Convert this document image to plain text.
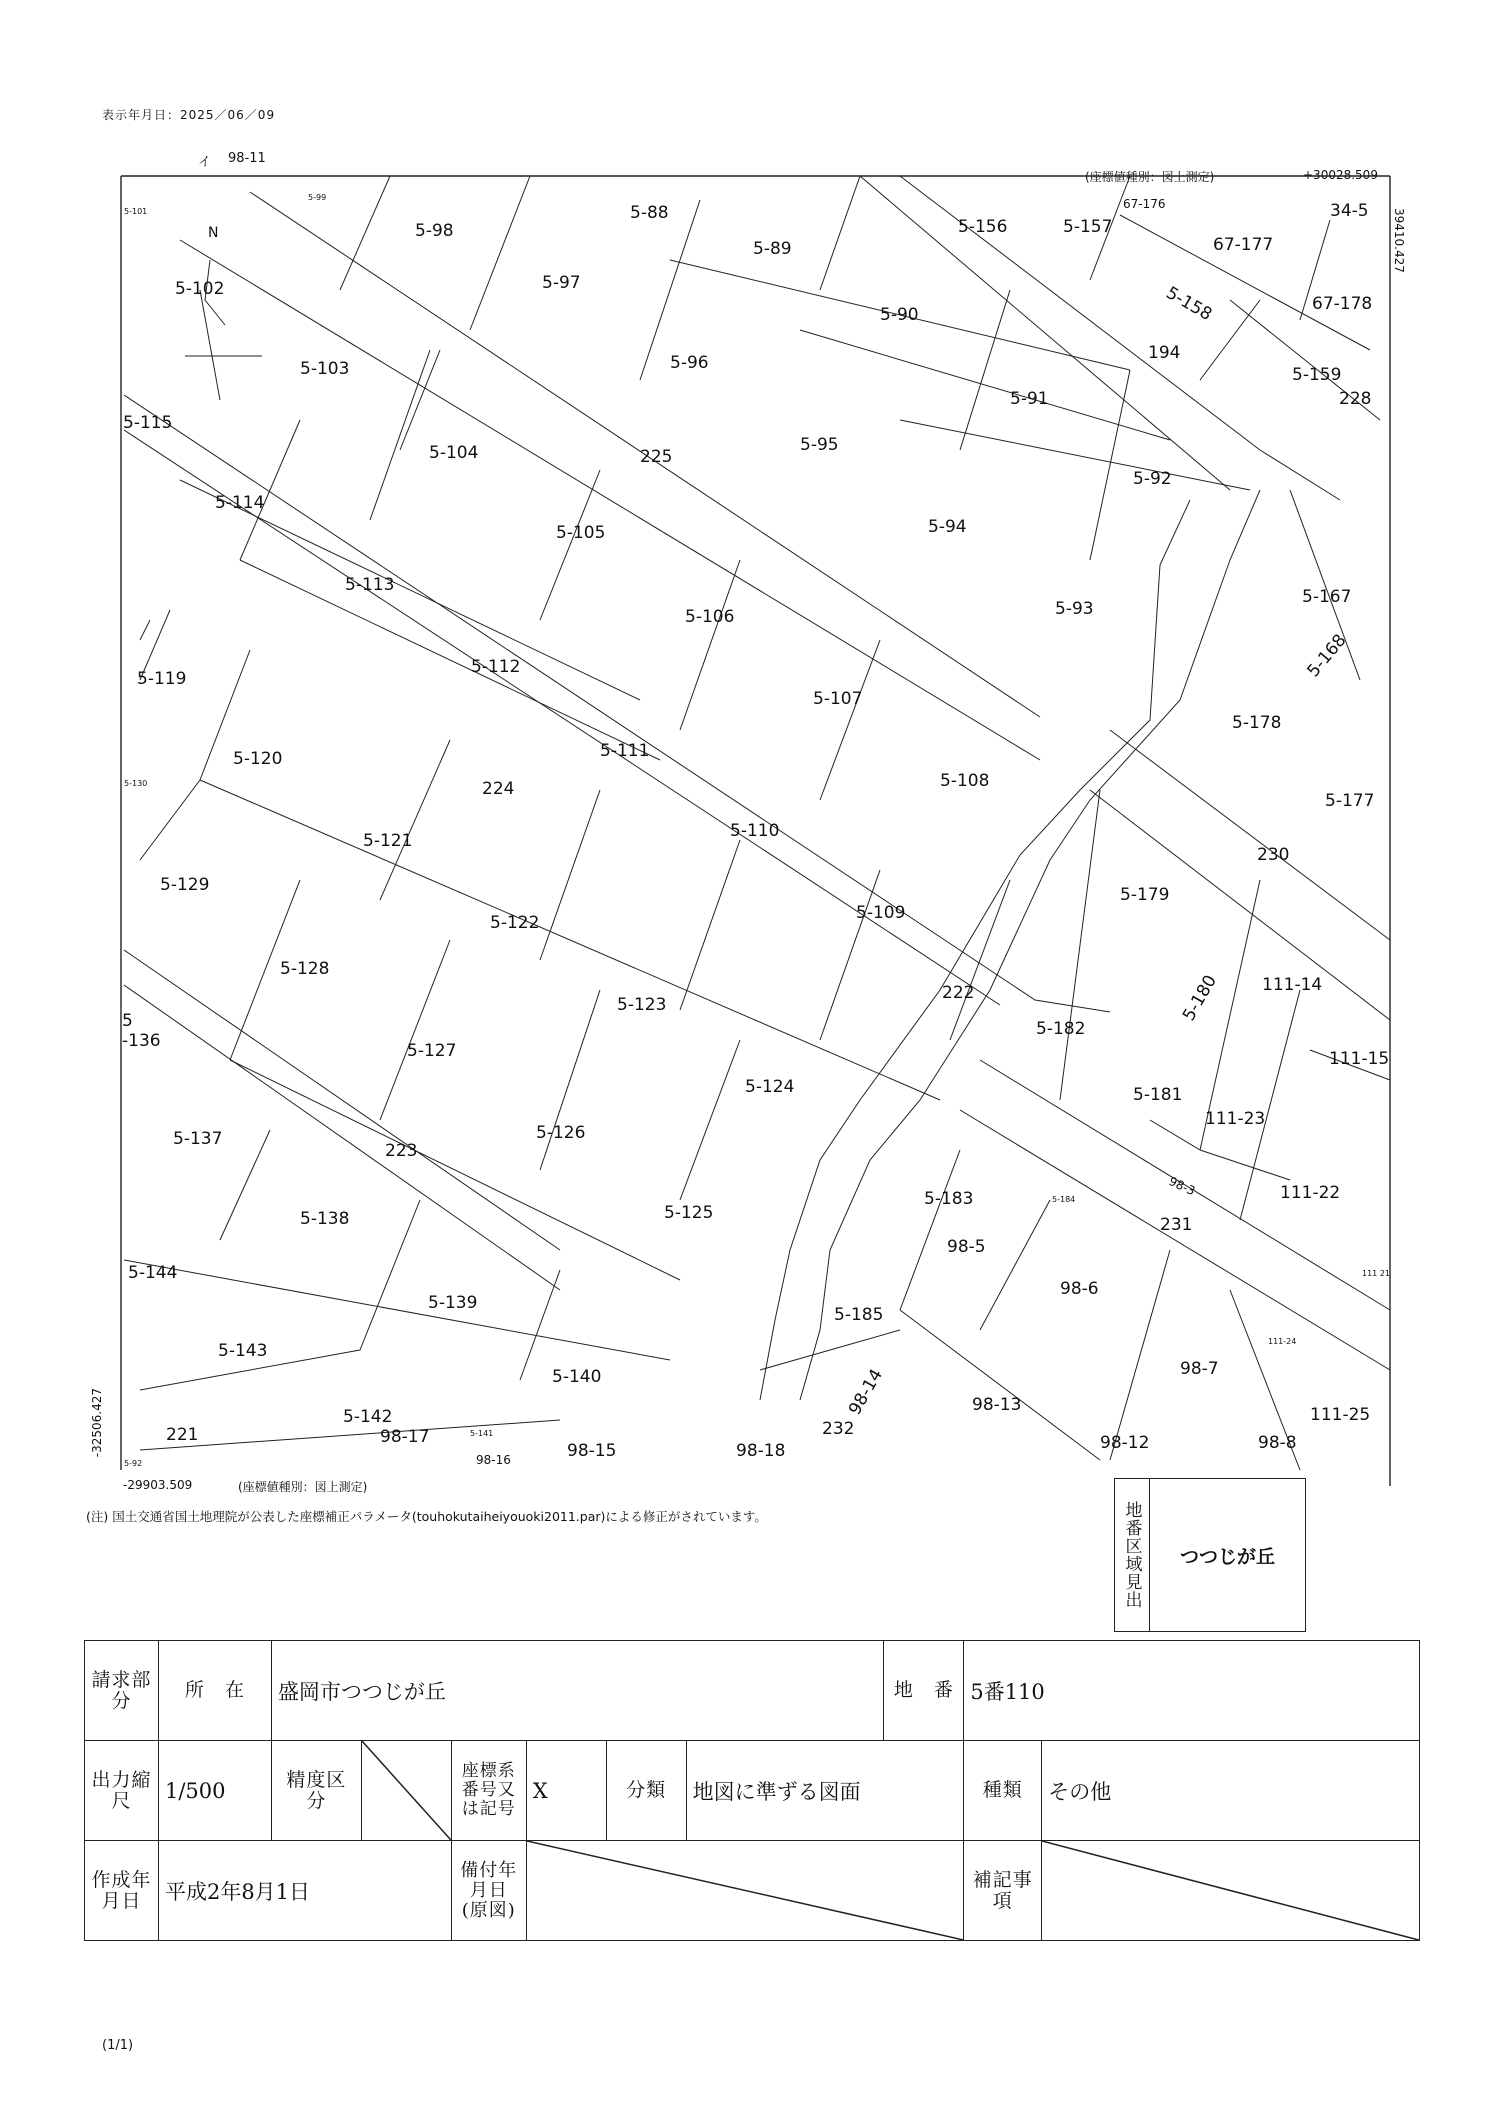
表示年月日：2025／06／09
イ 98-11
(座標値種別：図上測定)	+30028.509
39410.427
-32506.427
-29903.509	(座標値種別：図上測定)
N
5-101
5-99
5-98
5-88
5-89
5-156	5-157
67-176	34-5
67-177
67-178
5-158
5-159
5-97
5-90
5-102
5-103	5-96
5-91
5-115
5-104	5-95
5-92
5-114
5-105	5-94
5-167
5-113
5-106	5-93
5-168
5-119
5-112
5-107
5-178
5-120	5-111
5-108
5-177
5-130
5-121	5-110
5-129	5-179
5-122	5-109
5-128
5-180 111-14
5-123
5-182
5
-136
111-15
5-127
5-124	5-181
5-137	5-126
111-23
98-3
5-183	111-22
5-138	5-125
5-184
98-5
5-144
98-6
111 21
5-139
5-185
5-143	111-24
98-7
5-140	98-14	98-13	111-25
5-142
98-17	5-141	232
221
98-16	98-15	98-18	98-12	98-8
5-92
194
228
225
224
230
222
223
231
(注) 国土交通省国土地理院が公表した座標補正パラメータ(touhokutaiheiyouoki2011.par)による修正がされています。	地番区域見出	つつじが丘
請求部分	所　在	盛岡市つつじが丘						地　番	5番110	
出力縮尺	1/500	精度区分		座標系番号又は記号	X	分類	地図に準ずる図面		種類	その他
作成年月日	平成2年8月1日			備付年月日(原図)					補記事項	
(1/1)
